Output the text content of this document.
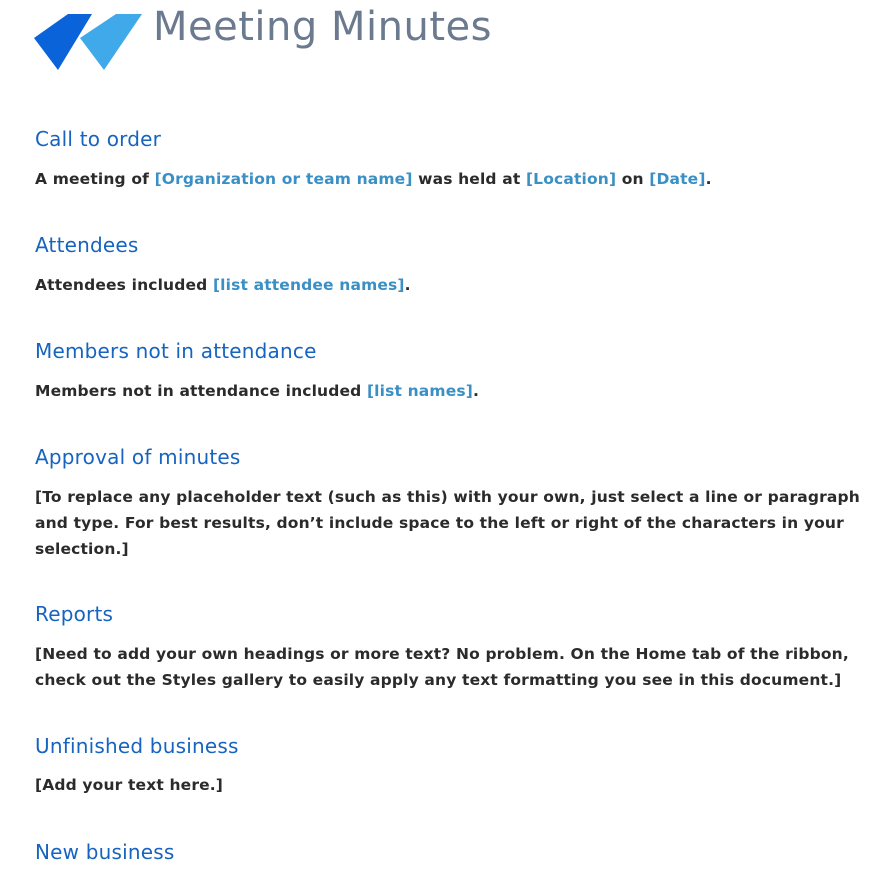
Meeting Minutes
Call to order

A meeting of [Organization or team name] was held at [Location] on [Date].

Attendees

Attendees included [list attendee names].

Members not in attendance

Members not in attendance included [list names].

Approval of minutes

[To replace any placeholder text (such as this) with your own, just select a line or paragraph and type. For best results, don’t include space to the left or right of the characters in your selection.]

Reports

[Need to add your own headings or more text? No problem. On the Home tab of the ribbon, check out the Styles gallery to easily apply any text formatting you see in this document.]

Unfinished business

[Add your text here.]

New business
